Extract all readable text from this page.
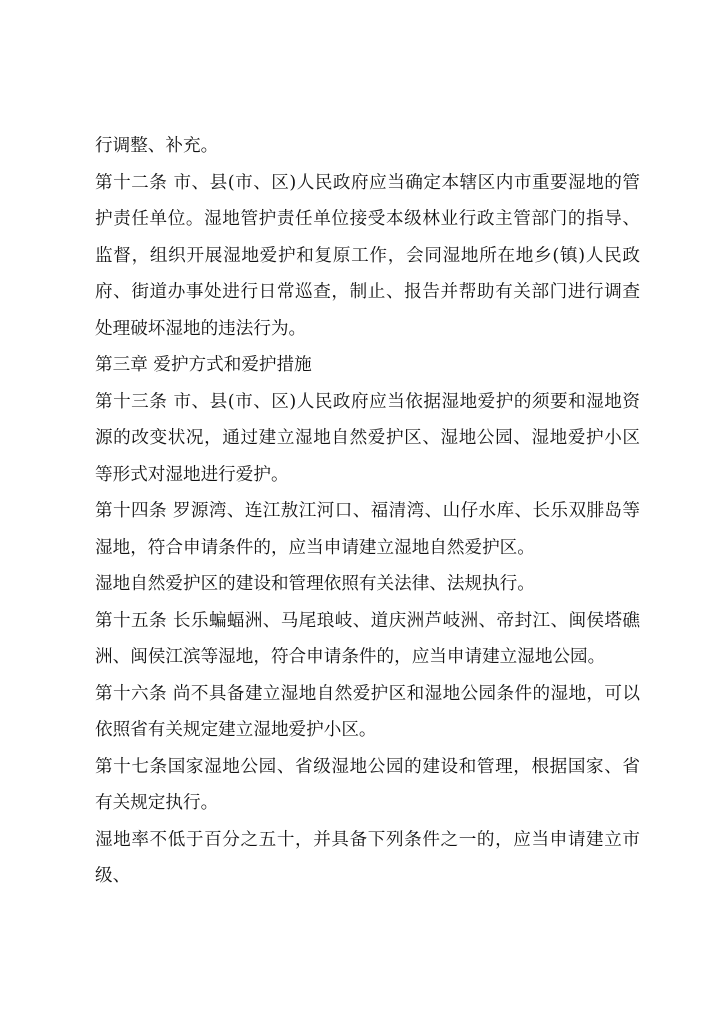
行调整、补充。

第十二条 市、县(市、区)人民政府应当确定本辖区内市重要湿地的管护责任单位。湿地管护责任单位接受本级林业行政主管部门的指导、监督，组织开展湿地爱护和复原工作，会同湿地所在地乡(镇)人民政府、街道办事处进行日常巡查，制止、报告并帮助有关部门进行调查处理破坏湿地的违法行为。

第三章 爱护方式和爱护措施

第十三条 市、县(市、区)人民政府应当依据湿地爱护的须要和湿地资源的改变状况，通过建立湿地自然爱护区、湿地公园、湿地爱护小区等形式对湿地进行爱护。

第十四条 罗源湾、连江敖江河口、福清湾、山仔水库、长乐双腓岛等湿地，符合申请条件的，应当申请建立湿地自然爱护区。

湿地自然爱护区的建设和管理依照有关法律、法规执行。

第十五条 长乐蝙蝠洲、马尾琅岐、道庆洲芦岐洲、帝封江、闽侯塔礁洲、闽侯江滨等湿地，符合申请条件的，应当申请建立湿地公园。

第十六条 尚不具备建立湿地自然爱护区和湿地公园条件的湿地，可以依照省有关规定建立湿地爱护小区。

第十七条国家湿地公园、省级湿地公园的建设和管理，根据国家、省有关规定执行。

湿地率不低于百分之五十，并具备下列条件之一的，应当申请建立市级、
